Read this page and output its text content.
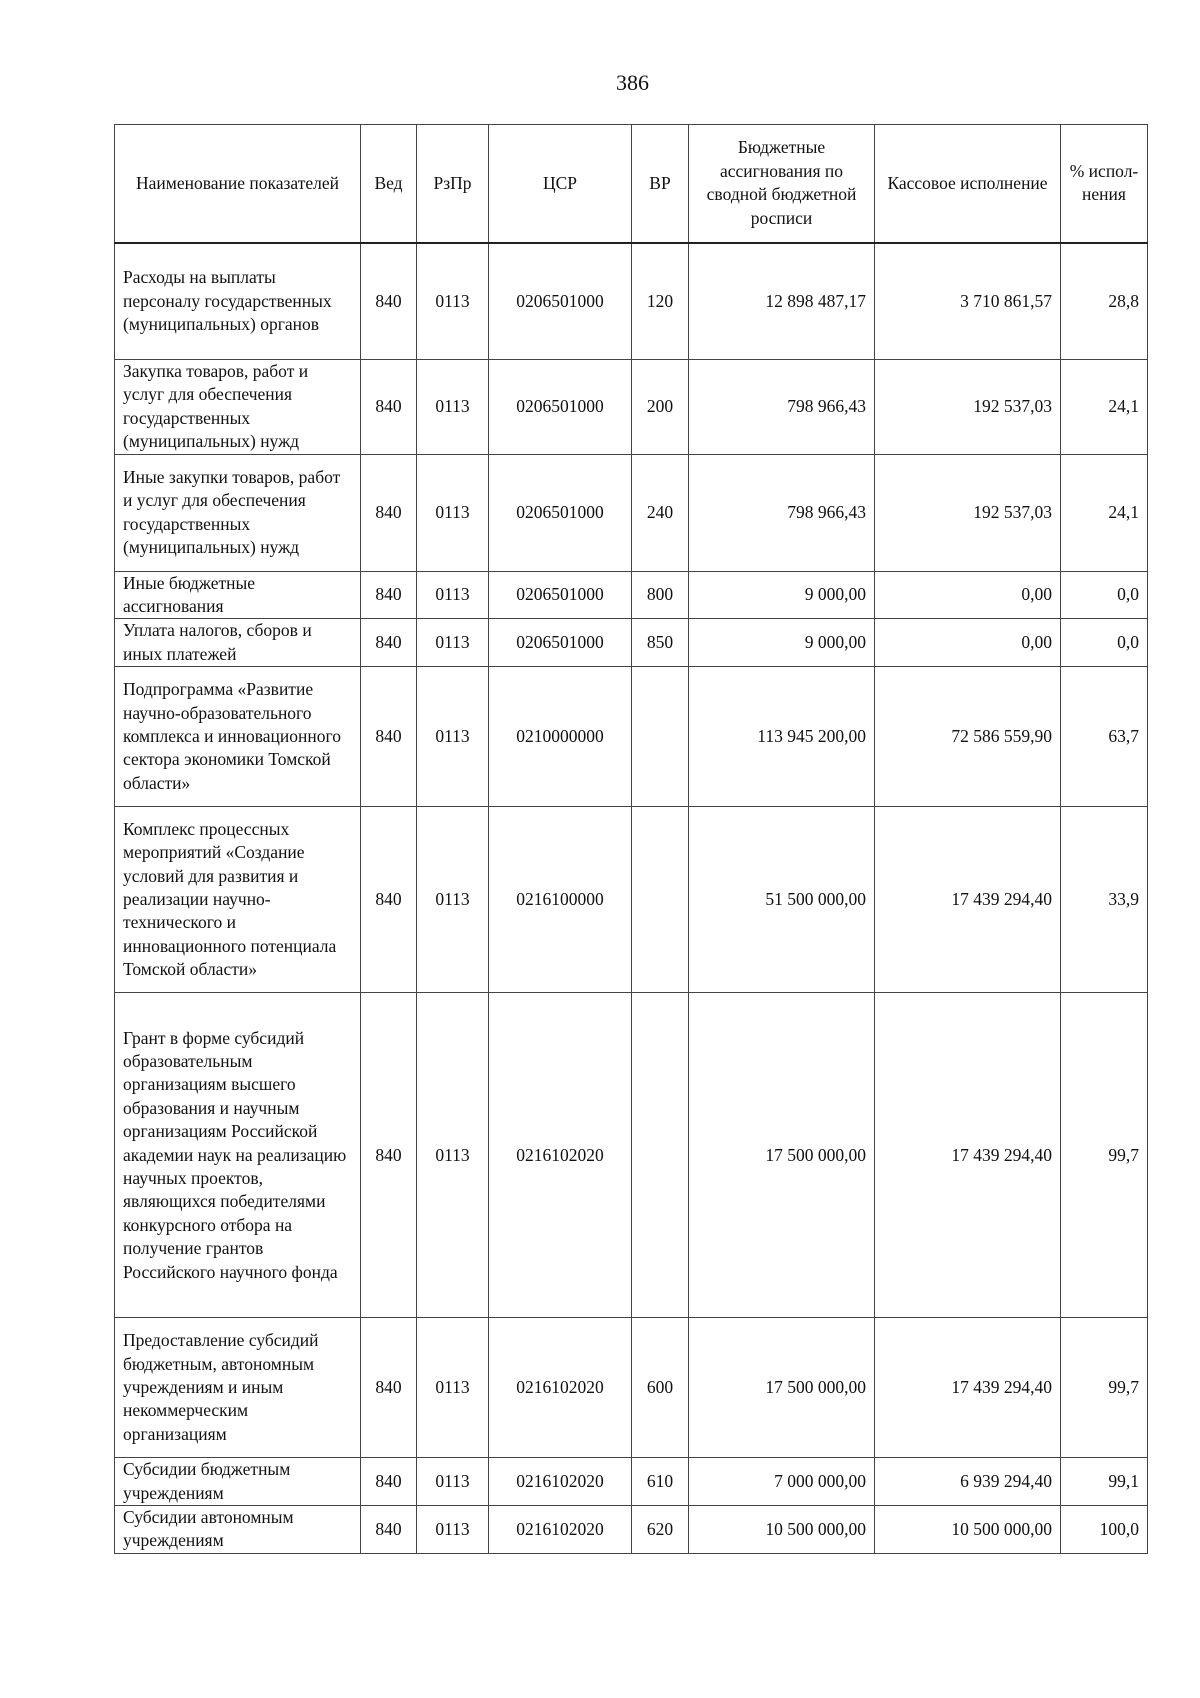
386
Наименование показателей	Вед	РзПр	ЦСР	ВР	Бюджетные ассигнования по сводной бюджетной росписи	Кассовое исполнение	% испол-нения
Расходы на выплаты персоналу государственных (муниципальных) органов	840	0113	0206501000	120	12 898 487,17	3 710 861,57	28,8
Закупка товаров, работ и услуг для обеспечения государственных (муниципальных) нужд	840	0113	0206501000	200	798 966,43	192 537,03	24,1
Иные закупки товаров, работ и услуг для обеспечения государственных (муниципальных) нужд	840	0113	0206501000	240	798 966,43	192 537,03	24,1
Иные бюджетные ассигнования	840	0113	0206501000	800	9 000,00	0,00	0,0
Уплата налогов, сборов и иных платежей	840	0113	0206501000	850	9 000,00	0,00	0,0
Подпрограмма «Развитие научно-образовательного комплекса и инновационного сектора экономики Томской области»	840	0113	0210000000		113 945 200,00	72 586 559,90	63,7
Комплекс процессных мероприятий «Создание условий для развития и реализации научно-технического и инновационного потенциала Томской области»	840	0113	0216100000		51 500 000,00	17 439 294,40	33,9
Грант в форме субсидий образовательным организациям высшего образования и научным организациям Российской академии наук на реализацию научных проектов, являющихся победителями конкурсного отбора на получение грантов Российского научного фонда	840	0113	0216102020		17 500 000,00	17 439 294,40	99,7
Предоставление субсидий бюджетным, автономным учреждениям и иным некоммерческим организациям	840	0113	0216102020	600	17 500 000,00	17 439 294,40	99,7
Субсидии бюджетным учреждениям	840	0113	0216102020	610	7 000 000,00	6 939 294,40	99,1
Субсидии автономным учреждениям	840	0113	0216102020	620	10 500 000,00	10 500 000,00	100,0
